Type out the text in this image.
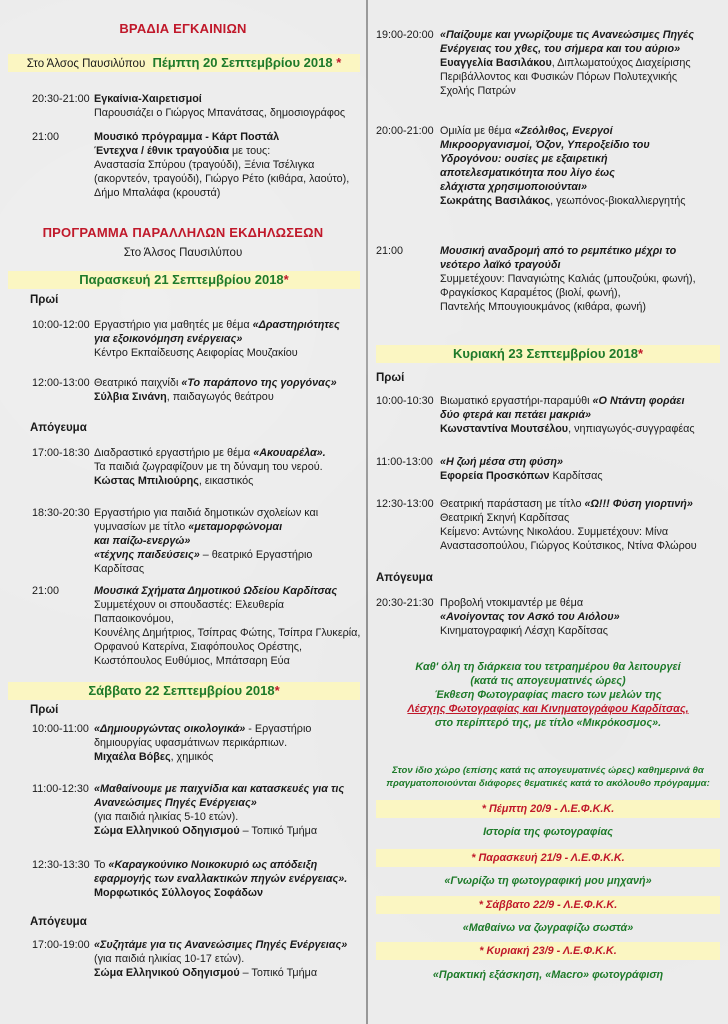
ΒΡΑΔΙΑ ΕΓΚΑΙΝΙΩΝ
Στο Άλσος Παυσιλύπου Πέμπτη 20 Σεπτεμβρίου 2018 *
20:30-21:00 Εγκαίνια-Χαιρετισμοί
Παρουσιάζει ο Γιώργος Μπανάτσας, δημοσιογράφος
21:00	Μουσικό πρόγραμμα - Κάρτ Ποστάλ
Έντεχνα / έθνικ τραγούδια με τους:
Αναστασία Σπύρου (τραγούδι), Ξένια Τσέλιγκα
(ακορντεόν, τραγούδι), Γιώργο Ρέτο (κιθάρα, λαούτο),
Δήμο Μπαλάφα (κρουστά)
ΠΡΟΓΡΑΜΜΑ ΠΑΡΑΛΛΗΛΩΝ ΕΚΔΗΛΩΣΕΩΝ
Στο Άλσος Παυσιλύπου
Παρασκευή 21 Σεπτεμβρίου 2018*
Πρωί
10:00-12:00 Εργαστήριο για μαθητές με θέμα «Δραστηριότητες
για εξοικονόμηση ενέργειας»
Κέντρο Εκπαίδευσης Αειφορίας Μουζακίου
12:00-13:00 Θεατρικό παιχνίδι «Το παράπονο της γοργόνας»
Σύλβια Σινάνη, παιδαγωγός θεάτρου
Απόγευμα
17:00-18:30 Διαδραστικό εργαστήριο με θέμα «Ακουαρέλα».
Τα παιδιά ζωγραφίζουν με τη δύναμη του νερού.
Κώστας Μπιλιούρης, εικαστικός
18:30-20:30 Εργαστήριο για παιδιά δημοτικών σχολείων και
γυμνασίων με τίτλο «μεταμορφώνομαι
και παίζω-ενεργώ»
«τέχνης παιδεύσεις» – θεατρικό Εργαστήριο Καρδίτσας
21:00	Μουσικά Σχήματα Δημοτικού Ωδείου Καρδίτσας
Συμμετέχουν οι σπουδαστές: Ελευθερία Παπαοικονόμου,
Κουνέλης Δημήτριος, Τσίπρας Φώτης, Τσίπρα Γλυκερία,
Ορφανού Κατερίνα, Σιαφόπουλος Ορέστης,
Κωστόπουλος Ευθύμιος, Μπάτσαρη Εύα
Σάββατο 22 Σεπτεμβρίου 2018*
Πρωί
10:00-11:00 «Δημιουργώντας οικολογικά» - Εργαστήριο
δημιουργίας υφασμάτινων περικάρπιων.
Μιχαέλα Βόβες, χημικός
11:00-12:30 «Μαθαίνουμε με παιχνίδια και κατασκευές για τις
Ανανεώσιμες Πηγές Ενέργειας»
(για παιδιά ηλικίας 5-10 ετών).
Σώμα Ελληνικού Οδηγισμού – Τοπικό Τμήμα
12:30-13:30 Το «Καραγκούνικο Νοικοκυριό ως απόδειξη
εφαρμογής των εναλλακτικών πηγών ενέργειας».
Μορφωτικός Σύλλογος Σοφάδων
Απόγευμα
17:00-19:00 «Συζητάμε για τις Ανανεώσιμες Πηγές Ενέργειας»
(για παιδιά ηλικίας 10-17 ετών).
Σώμα Ελληνικού Οδηγισμού – Τοπικό Τμήμα
19:00-20:00 «Παίζουμε και γνωρίζουμε τις Ανανεώσιμες Πηγές
Ενέργειας του χθες, του σήμερα και του αύριο»
Ευαγγελία Βασιλάκου, Διπλωματούχος Διαχείρισης
Περιβάλλοντος και Φυσικών Πόρων Πολυτεχνικής
Σχολής Πατρών
20:00-21:00 Ομιλία με θέμα «Ζεόλιθος, Ενεργοί
Μικροοργανισμοί, Όζον, Υπεροξείδιο του
Υδρογόνου: ουσίες με εξαιρετική
αποτελεσματικότητα που λίγο έως
ελάχιστα χρησιμοποιούνται»
Σωκράτης Βασιλάκος, γεωπόνος-βιοκαλλιεργητής
21:00	Μουσική αναδρομή από το ρεμπέτικο μέχρι το
νεότερο λαϊκό τραγούδι
Συμμετέχουν: Παναγιώτης Καλιάς (μπουζούκι, φωνή),
Φραγκίσκος Καραμέτος (βιολί, φωνή),
Παντελής Μπουγιουκμάνος (κιθάρα, φωνή)
Κυριακή 23 Σεπτεμβρίου 2018*
Πρωί
10:00-10:30 Βιωματικό εργαστήρι-παραμύθι «Ο Ντάντη φοράει
δύο φτερά και πετάει μακριά»
Κωνσταντίνα Μουτσέλου, νηπιαγωγός-συγγραφέας
11:00-13:00 «Η ζωή μέσα στη φύση»
Εφορεία Προσκόπων Καρδίτσας
12:30-13:00 Θεατρική παράσταση με τίτλο «Ω!!! Φύση γιορτινή»
Θεατρική Σκηνή Καρδίτσας
Κείμενο: Αντώνης Νικολάου. Συμμετέχουν: Μίνα
Αναστασοπούλου, Γιώργος Κούτσικος, Ντίνα Φλώρου
Απόγευμα
20:30-21:30 Προβολή ντοκιμαντέρ με θέμα
«Ανοίγοντας τον Ασκό του Αιόλου»
Κινηματογραφική Λέσχη Καρδίτσας
Καθ' όλη τη διάρκεια του τετραημέρου θα λειτουργεί
(κατά τις απογευματινές ώρες)
Έκθεση Φωτογραφίας macro των μελών της
Λέσχης Φωτογραφίας και Κινηματογράφου Καρδίτσας,
στο περίπτερό της, με τίτλο «Μικρόκοσμος».
Στον ίδιο χώρο (επίσης κατά τις απογευματινές ώρες) καθημερινά θα
πραγματοποιούνται διάφορες θεματικές κατά το ακόλουθο πρόγραμμα:
* Πέμπτη 20/9 - Λ.Ε.Φ.Κ.Κ.
Ιστορία της φωτογραφίας
* Παρασκευή 21/9 - Λ.Ε.Φ.Κ.Κ.
«Γνωρίζω τη φωτογραφική μου μηχανή»
* Σάββατο 22/9 - Λ.Ε.Φ.Κ.Κ.
«Μαθαίνω να ζωγραφίζω σωστά»
* Κυριακή 23/9 - Λ.Ε.Φ.Κ.Κ.
«Πρακτική εξάσκηση, «Macro» φωτογράφιση
